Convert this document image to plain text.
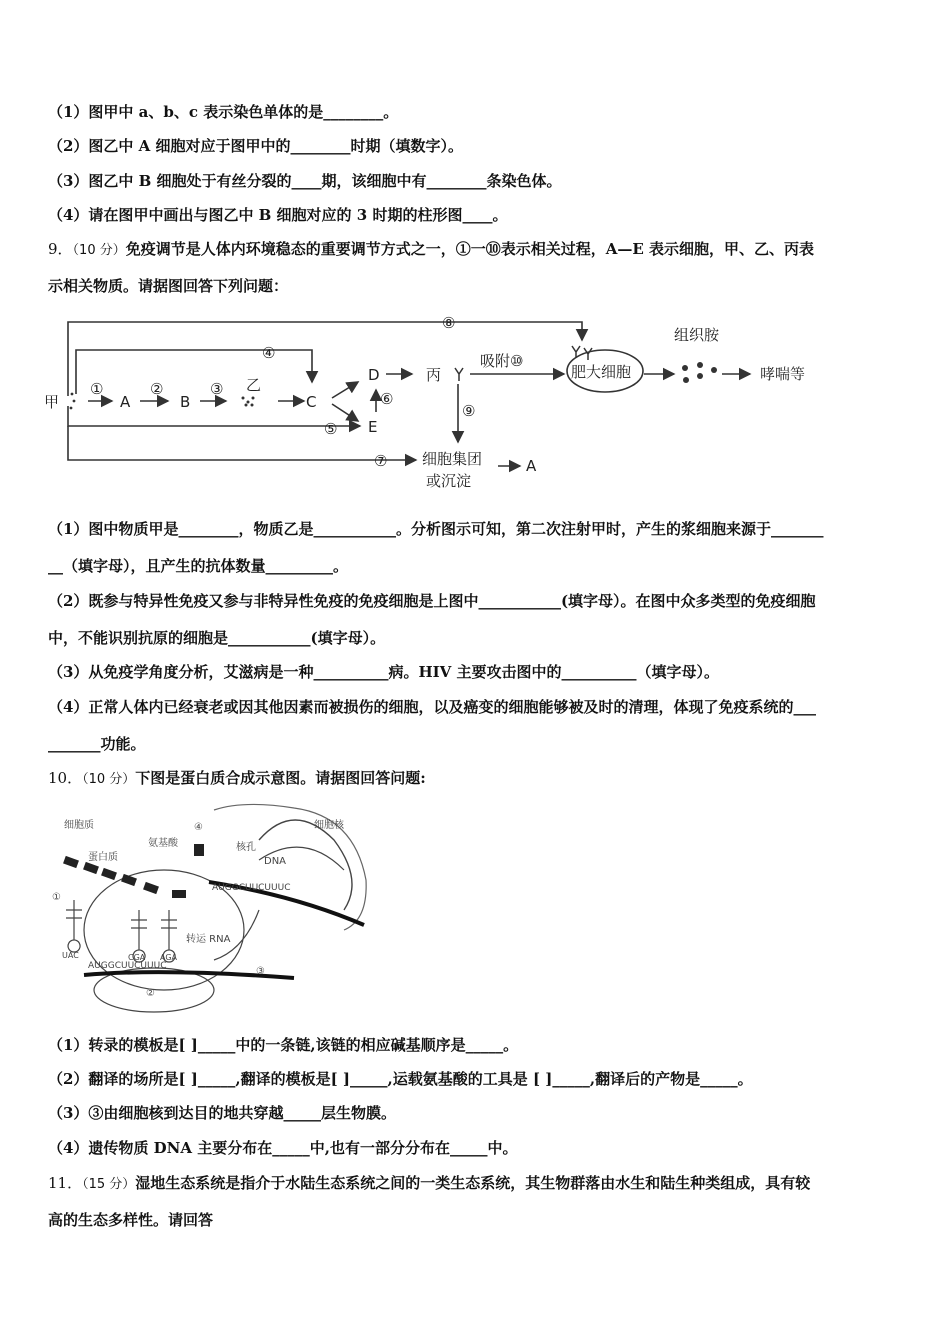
（1）图甲中 a、b、c 表示染色单体的是________。
（2）图乙中 A 细胞对应于图甲中的________时期（填数字）。
（3）图乙中 B 细胞处于有丝分裂的____期，该细胞中有________条染色体。
（4）请在图甲中画出与图乙中 B 细胞对应的 3 时期的柱形图____。
9．（10 分）免疫调节是人体内环境稳态的重要调节方式之一，①一⑩表示相关过程，A—E 表示细胞，甲、乙、丙表
示相关物质。请据图回答下列问题：
甲
①
A
②
B
③ 乙
C
④
D
E
⑥
⑤
丙
吸附⑩
肥大细胞
组织胺
哮喘等
⑨
⑧
⑦ 细胞集团
或沉淀
A
（1）图中物质甲是________，物质乙是___________。分析图示可知，第二次注射甲时，产生的浆细胞来源于_______
__（填字母），且产生的抗体数量_________。
（2）既参与特异性免疫又参与非特异性免疫的免疫细胞是上图中___________(填字母）。在图中众多类型的免疫细胞
中，不能识别抗原的细胞是___________(填字母）。
（3）从免疫学角度分析，艾滋病是一种__________病。HIV 主要攻击图中的__________（填字母）。
（4）正常人体内已经衰老或因其他因素而被损伤的细胞，以及癌变的细胞能够被及时的清理，体现了免疫系统的___
_______功能。
10．（10 分）下图是蛋白质合成示意图。请据图回答问题:
细胞质	细胞核
蛋白质
氨基酸	核孔
DNA
转运 RNA
①
②
③
④
AUGGCUUCUUUC
AUGGCUUCUUUC
UAC	CGA AGA
（1）转录的模板是[ ]_____中的一条链,该链的相应碱基顺序是_____。
（2）翻译的场所是[ ]_____,翻译的模板是[ ]_____,运载氨基酸的工具是 [ ]_____,翻译后的产物是_____。
（3）③由细胞核到达目的地共穿越_____层生物膜。
（4）遗传物质 DNA 主要分布在_____中,也有一部分分布在_____中。
11．（15 分）湿地生态系统是指介于水陆生态系统之间的一类生态系统，其生物群落由水生和陆生种类组成，具有较
高的生态多样性。请回答
